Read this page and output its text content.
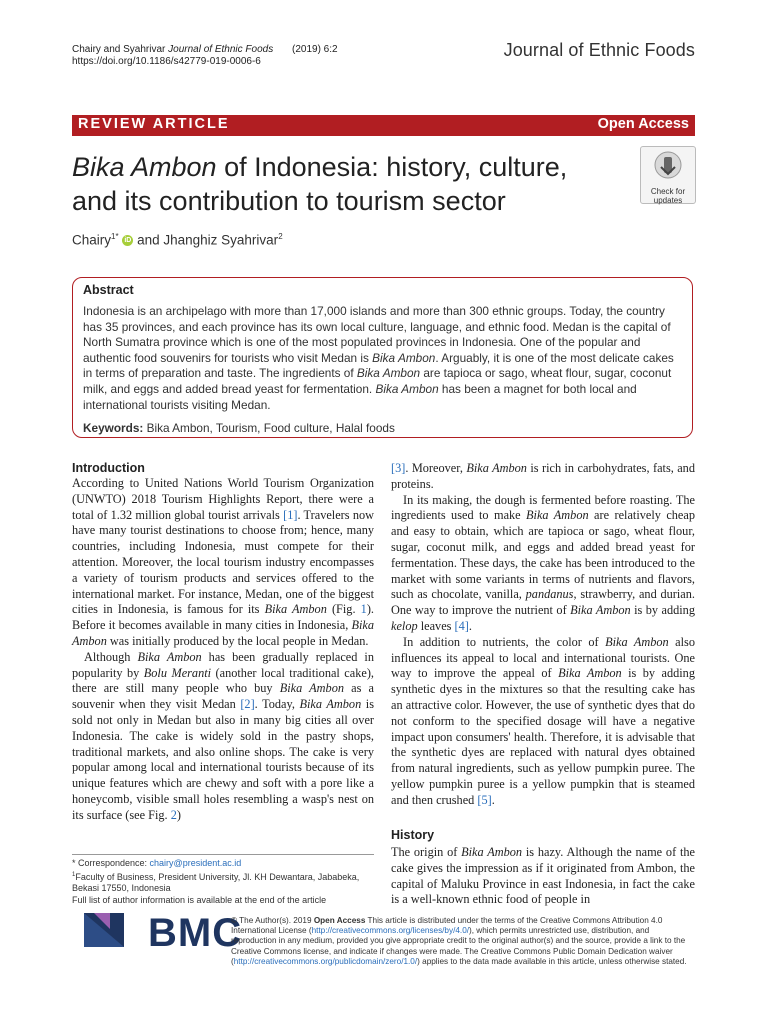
Chairy and Syahrivar Journal of Ethnic Foods (2019) 6:2
https://doi.org/10.1186/s42779-019-0006-6
Journal of Ethnic Foods
REVIEW ARTICLE	Open Access
Bika Ambon of Indonesia: history, culture,
and its contribution to tourism sector	Check for
updates
Chairy$^{1*}$ iD and Jhanghiz Syahrivar$^2$
Abstract
Indonesia is an archipelago with more than 17,000 islands and more than 300 ethnic groups. Today, the country has 35 provinces, and each province has its own local culture, language, and ethnic food. Medan is the capital of North Sumatra province which is one of the most populated provinces in Indonesia. One of the popular and authentic food souvenirs for tourists who visit Medan is Bika Ambon. Arguably, it is one of the most delicate cakes in terms of preparation and taste. The ingredients of Bika Ambon are tapioca or sago, wheat flour, sugar, coconut milk, and eggs and added bread yeast for fermentation. Bika Ambon has been a magnet for both local and international tourists visiting Medan.
Keywords: Bika Ambon, Tourism, Food culture, Halal foods
Introduction

According to United Nations World Tourism Organization (UNWTO) 2018 Tourism Highlights Report, there were a total of 1.32 million global tourist arrivals [1]. Travelers now have many tourist destinations to choose from; hence, many countries, including Indonesia, must compete for their attention. Moreover, the local tourism industry encompasses a variety of tourism products and services offered to the international market. For instance, Medan, one of the biggest cities in Indonesia, is famous for its Bika Ambon (Fig. 1). Before it becomes available in many cities in Indonesia, Bika Ambon was initially produced by the local people in Medan.

Although Bika Ambon has been gradually replaced in popularity by Bolu Meranti (another local traditional cake), there are still many people who buy Bika Ambon as a souvenir when they visit Medan [2]. Today, Bika Ambon is sold not only in Medan but also in many big cities all over Indonesia. The cake is widely sold in the pastry shops, traditional markets, and also online shops. The cake is very popular among local and international tourists because of its unique features which are chewy and soft with a pore like a honeycomb, visible small holes resembling a wasp's nest on its surface (see Fig. 2)

[3]. Moreover, Bika Ambon is rich in carbohydrates, fats, and proteins.

In its making, the dough is fermented before roasting. The ingredients used to make Bika Ambon are relatively cheap and easy to obtain, which are tapioca or sago, wheat flour, sugar, coconut milk, and eggs and added bread yeast for fermentation. These days, the cake has been introduced to the market with some variants in terms of nutrients and flavors, such as chocolate, vanilla, pandanus, strawberry, and durian. One way to improve the nutrient of Bika Ambon is by adding kelop leaves [4].

In addition to nutrients, the color of Bika Ambon also influences its appeal to local and international tourists. One way to improve the appeal of Bika Ambon is by adding synthetic dyes in the mixtures so that the resulting cake has an attractive color. However, the use of synthetic dyes that do not conform to the specified dosage will have a negative impact upon consumers' health. Therefore, it is advisable that the synthetic dyes are replaced with natural dyes obtained from natural ingredients, such as yellow pumpkin puree. The yellow pumpkin puree is a yellow pumpkin that is steamed and then crushed [5].

History

The origin of Bika Ambon is hazy. Although the name of the cake gives the impression as if it originated from Ambon, the capital of Maluku Province in east Indonesia, in fact the cake is a well-known ethnic food of people in

* Correspondence: chairy@president.ac.id
$^1$Faculty of Business, President University, Jl. KH Dewantara, Jababeka, Bekasi 17550, Indonesia
Full list of author information is available at the end of the article
BMC
© The Author(s). 2019 Open Access This article is distributed under the terms of the Creative Commons Attribution 4.0 International License (http://creativecommons.org/licenses/by/4.0/), which permits unrestricted use, distribution, and reproduction in any medium, provided you give appropriate credit to the original author(s) and the source, provide a link to the Creative Commons license, and indicate if changes were made. The Creative Commons Public Domain Dedication waiver (http://creativecommons.org/publicdomain/zero/1.0/) applies to the data made available in this article, unless otherwise stated.
